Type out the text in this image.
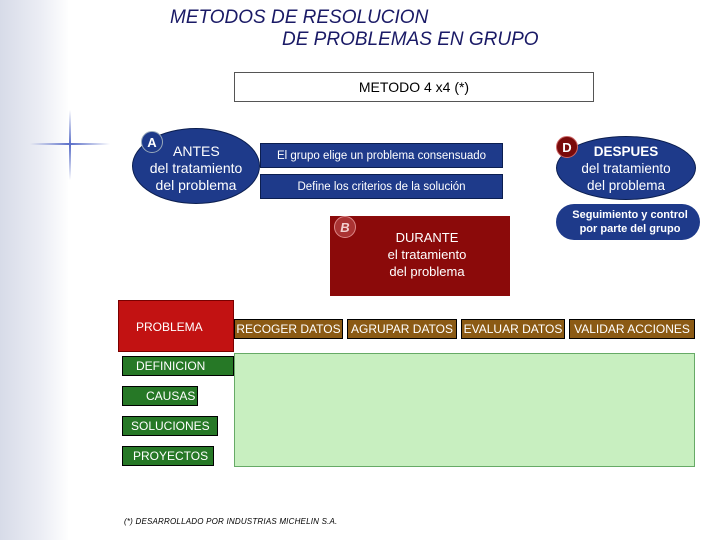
METODOS DE RESOLUCION
DE PROBLEMAS EN GRUPO
METODO 4 x4 (*)
ANTES
del tratamiento
del problema
A
El grupo elige un problema consensuado
Define los criterios de la solución
DESPUES
del tratamiento
del problema
D
Seguimiento y control
por parte del grupo
DURANTE
el tratamiento
del problema
B
PROBLEMA	RECOGER DATOS AGRUPAR DATOS EVALUAR DATOS VALIDAR ACCIONES
DEFINICION
CAUSAS
SOLUCIONES
PROYECTOS
(*) DESARROLLADO POR INDUSTRIAS MICHELIN S.A.
